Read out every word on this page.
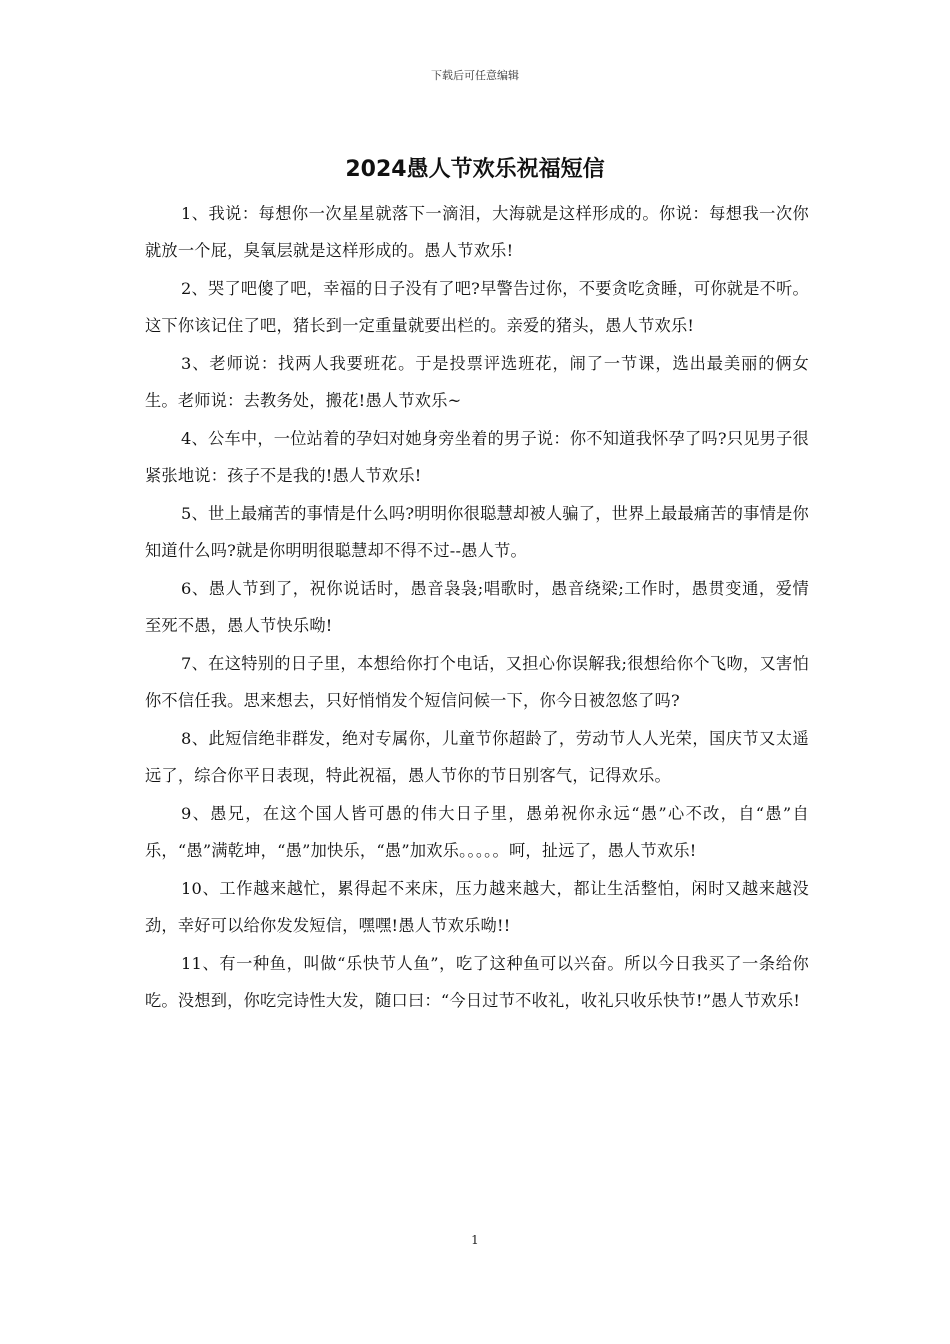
下载后可任意编辑
2024愚人节欢乐祝福短信

1、我说：每想你一次星星就落下一滴泪，大海就是这样形成的。你说：每想我一次你就放一个屁，臭氧层就是这样形成的。愚人节欢乐!

2、哭了吧傻了吧，幸福的日子没有了吧?早警告过你，不要贪吃贪睡，可你就是不听。这下你该记住了吧，猪长到一定重量就要出栏的。亲爱的猪头，愚人节欢乐!

3、老师说：找两人我要班花。于是投票评选班花，闹了一节课，选出最美丽的俩女生。老师说：去教务处，搬花!愚人节欢乐~

4、公车中，一位站着的孕妇对她身旁坐着的男子说：你不知道我怀孕了吗?只见男子很紧张地说：孩子不是我的!愚人节欢乐!

5、世上最痛苦的事情是什么吗?明明你很聪慧却被人骗了，世界上最最痛苦的事情是你知道什么吗?就是你明明很聪慧却不得不过--愚人节。

6、愚人节到了，祝你说话时，愚音袅袅;唱歌时，愚音绕梁;工作时，愚贯变通，爱情至死不愚，愚人节快乐呦!

7、在这特别的日子里，本想给你打个电话，又担心你误解我;很想给你个飞吻，又害怕你不信任我。思来想去，只好悄悄发个短信问候一下，你今日被忽悠了吗?

8、此短信绝非群发，绝对专属你，儿童节你超龄了，劳动节人人光荣，国庆节又太遥远了，综合你平日表现，特此祝福，愚人节你的节日别客气，记得欢乐。

9、愚兄，在这个国人皆可愚的伟大日子里，愚弟祝你永远“愚”心不改，自“愚”自乐，“愚”满乾坤，“愚”加快乐，“愚”加欢乐。。。。。呵，扯远了，愚人节欢乐!

10、工作越来越忙，累得起不来床，压力越来越大，都让生活整怕，闲时又越来越没劲，幸好可以给你发发短信，嘿嘿!愚人节欢乐呦!!

11、有一种鱼，叫做“乐快节人鱼”，吃了这种鱼可以兴奋。所以今日我买了一条给你吃。没想到，你吃完诗性大发，随口曰：“今日过节不收礼，收礼只收乐快节!”愚人节欢乐!

1
